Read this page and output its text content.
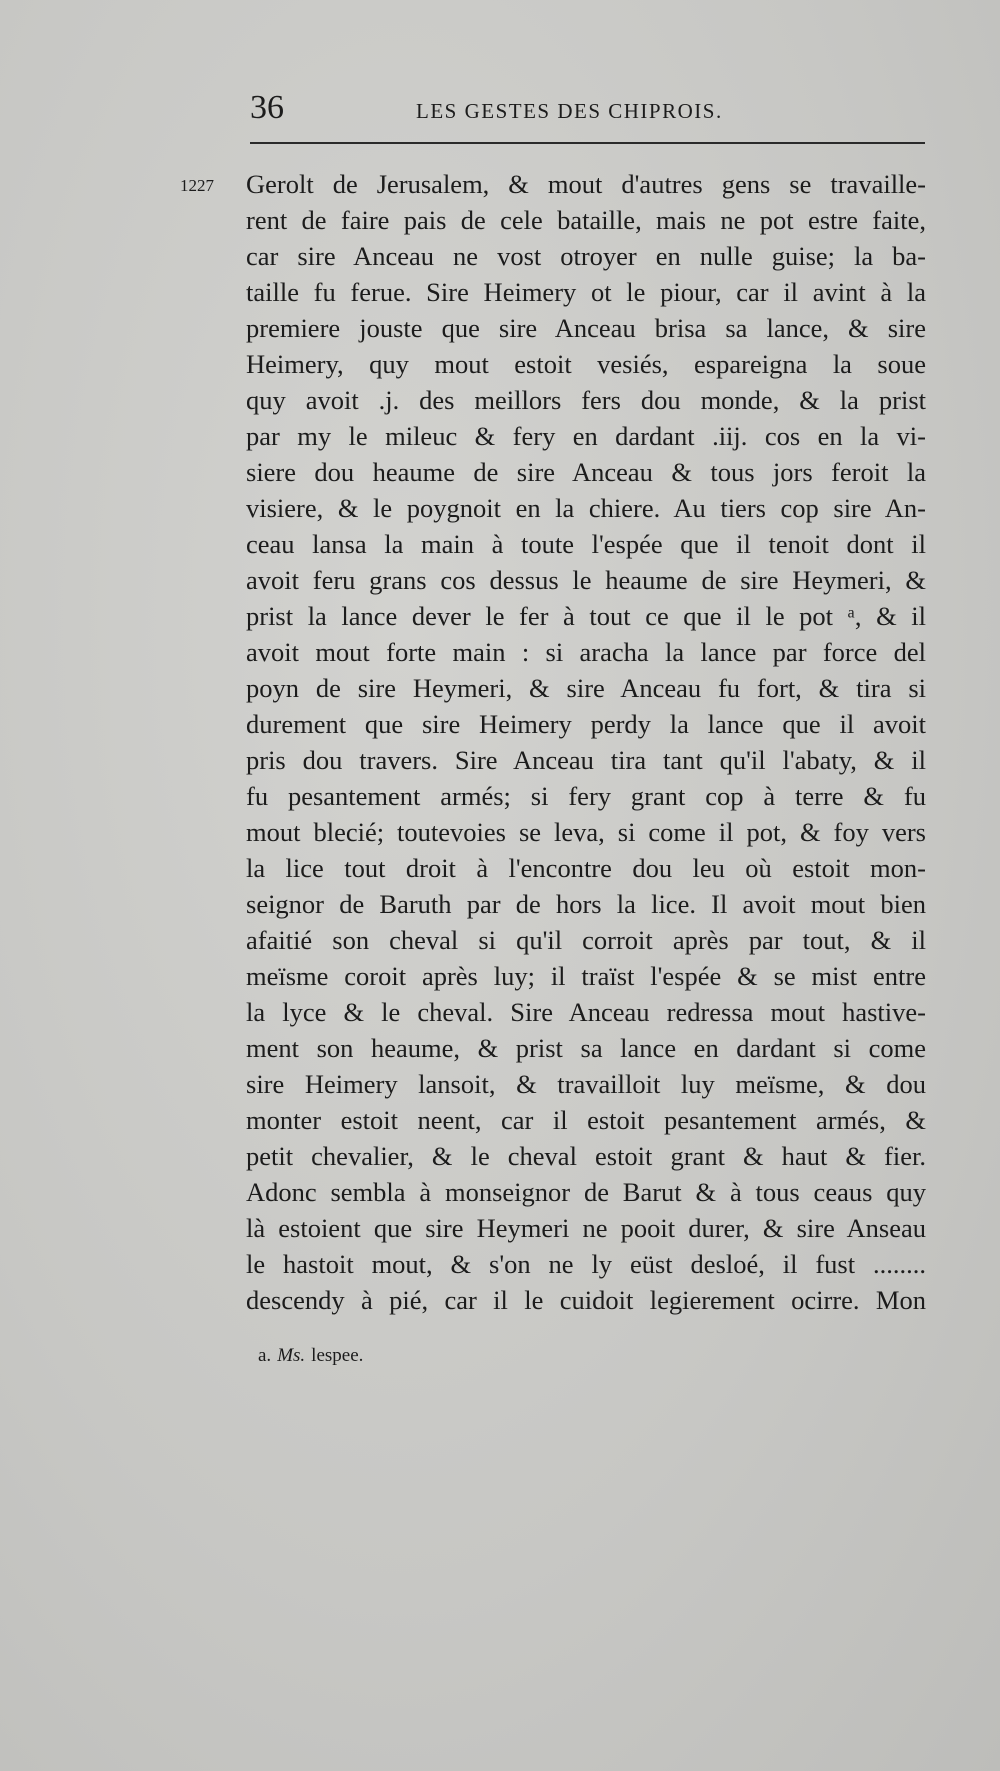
36	LES GESTES DES CHIPROIS.
1227 Gerolt de Jerusalem, & mout d'autres gens se travaille-
rent de faire pais de cele bataille, mais ne pot estre faite,
car sire Anceau ne vost otroyer en nulle guise; la ba-
taille fu ferue. Sire Heimery ot le piour, car il avint à la
premiere jouste que sire Anceau brisa sa lance, & sire
Heimery, quy mout estoit vesiés, espareigna la soue
quy avoit .j. des meillors fers dou monde, & la prist
par my le mileuc & fery en dardant .iij. cos en la vi-
siere dou heaume de sire Anceau & tous jors feroit la
visiere, & le poygnoit en la chiere. Au tiers cop sire An-
ceau lansa la main à toute l'espée que il tenoit dont il
avoit feru grans cos dessus le heaume de sire Heymeri, &
prist la lance dever le fer à tout ce que il le pot ᵃ, & il
avoit mout forte main : si aracha la lance par force del
poyn de sire Heymeri, & sire Anceau fu fort, & tira si
durement que sire Heimery perdy la lance que il avoit
pris dou travers. Sire Anceau tira tant qu'il l'abaty, & il
fu pesantement armés; si fery grant cop à terre & fu
mout blecié; toutevoies se leva, si come il pot, & foy vers
la lice tout droit à l'encontre dou leu où estoit mon-
seignor de Baruth par de hors la lice. Il avoit mout bien
afaitié son cheval si qu'il corroit après par tout, & il
meïsme coroit après luy; il traïst l'espée & se mist entre
la lyce & le cheval. Sire Anceau redressa mout hastive-
ment son heaume, & prist sa lance en dardant si come
sire Heimery lansoit, & travailloit luy meïsme, & dou
monter estoit neent, car il estoit pesantement armés, &
petit chevalier, & le cheval estoit grant & haut & fier.
Adonc sembla à monseignor de Barut & à tous ceaus quy
là estoient que sire Heymeri ne pooit durer, & sire Anseau
le hastoit mout, & s'on ne ly eüst desloé, il fust ........
descendy à pié, car il le cuidoit legierement ocirre. Mon
a. Ms. lespee.
